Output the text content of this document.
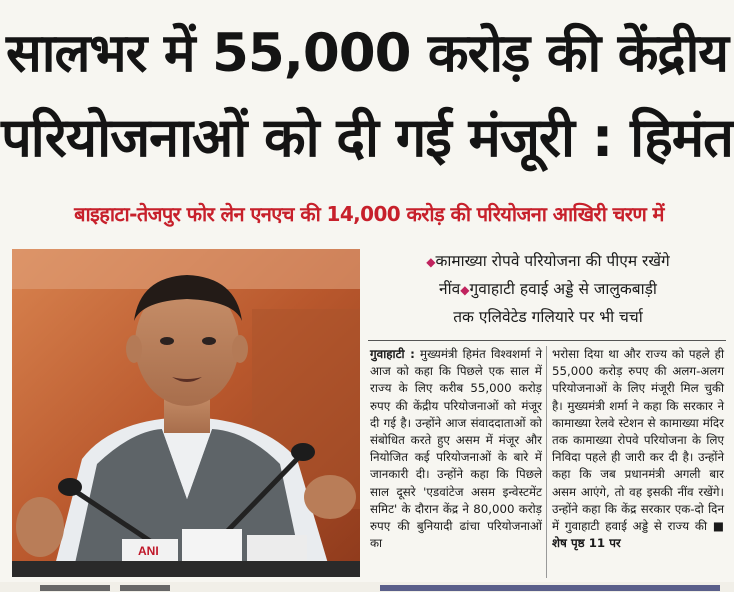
सालभर में 55,000 करोड़ की केंद्रीय
परियोजनाओं को दी गई मंजूरी : हिमंत
बाइहाटा-तेजपुर फोर लेन एनएच की 14,000 करोड़ की परियोजना आखिरी चरण में
ANI
◆कामाख्या रोपवे परियोजना की पीएम रखेंगे
नींव◆गुवाहाटी हवाई अड्डे से जालुकबाड़ी
तक एलिवेटेड गलियारे पर भी चर्चा
गुवाहाटी : मुख्यमंत्री हिमंत विश्वशर्मा ने आज को कहा कि पिछले एक साल में राज्य के लिए करीब 55,000 करोड़ रुपए की केंद्रीय परियोजनाओं को मंजूर दी गई है। उन्होंने आज संवाददाताओं को संबोधित करते हुए असम में मंजूर और नियोजित कई परियोजनाओं के बारे में जानकारी दी। उन्होंने कहा कि पिछले साल दूसरे 'एडवांटेज असम इन्वेस्टमेंट समिट' के दौरान केंद्र ने 80,000 करोड़ रुपए की बुनियादी ढांचा परियोजनाओं का
भरोसा दिया था और राज्य को पहले ही 55,000 करोड़ रुपए की अलग-अलग परियोजनाओं के लिए मंजूरी मिल चुकी है। मुख्यमंत्री शर्मा ने कहा कि सरकार ने कामाख्या रेलवे स्टेशन से कामाख्या मंदिर तक कामाख्या रोपवे परियोजना के लिए निविदा पहले ही जारी कर दी है। उन्होंने कहा कि जब प्रधानमंत्री अगली बार असम आएंगे, तो वह इसकी नींव रखेंगे। उन्होंने कहा कि केंद्र सरकार एक-दो दिन में गुवाहाटी हवाई अड्डे से राज्य की ■ शेष पृष्ठ 11 पर
